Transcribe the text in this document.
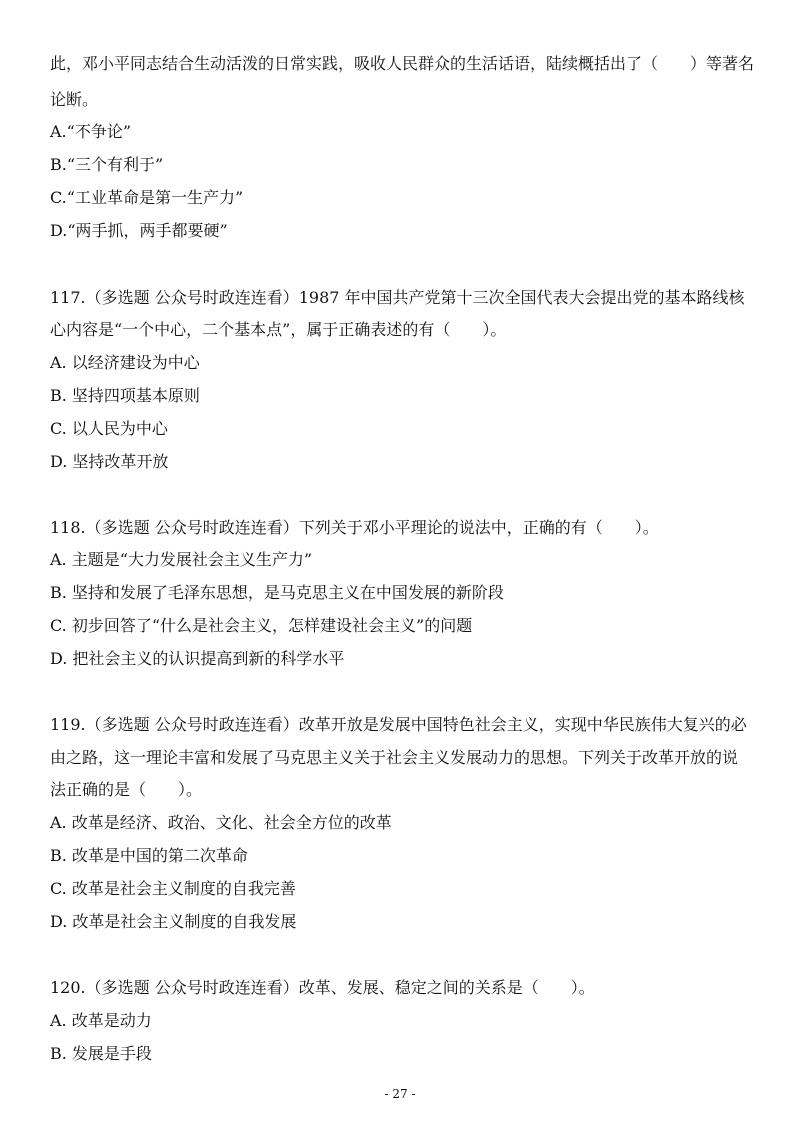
此，邓小平同志结合生动活泼的日常实践，吸收人民群众的生活话语，陆续概括出了（　　）等著名
论断。
A.“不争论”
B.“三个有利于”
C.“工业革命是第一生产力”
D.“两手抓，两手都要硬”
117.（多选题 公众号时政连连看）1987 年中国共产党第十三次全国代表大会提出党的基本路线核
心内容是“一个中心，二个基本点”，属于正确表述的有（　　）。
A. 以经济建设为中心
B. 坚持四项基本原则
C. 以人民为中心
D. 坚持改革开放
118.（多选题 公众号时政连连看）下列关于邓小平理论的说法中，正确的有（　　）。
A. 主题是“大力发展社会主义生产力”
B. 坚持和发展了毛泽东思想，是马克思主义在中国发展的新阶段
C. 初步回答了“什么是社会主义，怎样建设社会主义”的问题
D. 把社会主义的认识提高到新的科学水平
119.（多选题 公众号时政连连看）改革开放是发展中国特色社会主义，实现中华民族伟大复兴的必
由之路，这一理论丰富和发展了马克思主义关于社会主义发展动力的思想。下列关于改革开放的说
法正确的是（　　）。
A. 改革是经济、政治、文化、社会全方位的改革
B. 改革是中国的第二次革命
C. 改革是社会主义制度的自我完善
D. 改革是社会主义制度的自我发展
120.（多选题 公众号时政连连看）改革、发展、稳定之间的关系是（　　）。
A. 改革是动力
B. 发展是手段
- 27 -
